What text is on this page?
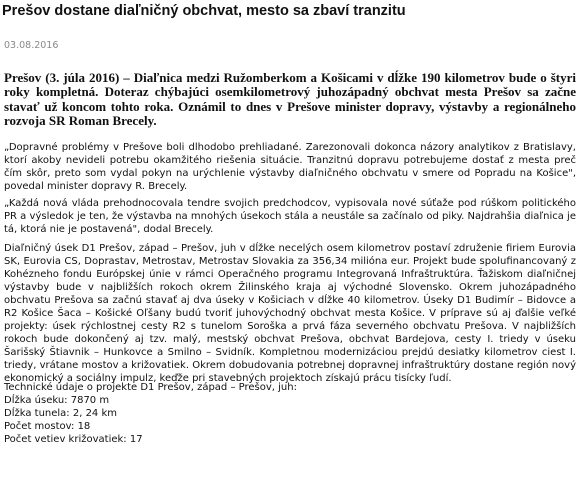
Prešov dostane diaľničný obchvat, mesto sa zbaví tranzitu
03.08.2016

Prešov (3. júla 2016) – Diaľnica medzi Ružomberkom a Košicami v dĺžke 190 kilometrov bude o štyri roky kompletná. Doteraz chýbajúci osemkilometrový juhozápadný obchvat mesta Prešov sa začne stavať už koncom tohto roka. Oznámil to dnes v Prešove minister dopravy, výstavby a regionálneho rozvoja SR Roman Brecely.

„Dopravné problémy v Prešove boli dlhodobo prehliadané. Zarezonovali dokonca názory analytikov z Bratislavy, ktorí akoby nevideli potrebu okamžitého riešenia situácie. Tranzitnú dopravu potrebujeme dostať z mesta preč čím skôr, preto som vydal pokyn na urýchlenie výstavby diaľničného obchvatu v smere od Popradu na Košice", povedal minister dopravy R. Brecely.

„Každá nová vláda prehodnocovala tendre svojich predchodcov, vypisovala nové súťaže pod rúškom politického PR a výsledok je ten, že výstavba na mnohých úsekoch stála a neustále sa začínalo od piky. Najdrahšia diaľnica je tá, ktorá nie je postavená", dodal Brecely.

Diaľničný úsek D1 Prešov, západ – Prešov, juh v dĺžke necelých osem kilometrov postaví združenie firiem Eurovia SK, Eurovia CS, Doprastav, Metrostav, Metrostav Slovakia za 356,34 milióna eur. Projekt bude spolufinancovaný z Kohézneho fondu Európskej únie v rámci Operačného programu Integrovaná Infraštruktúra. Ťažiskom diaľničnej výstavby bude v najbližších rokoch okrem Žilinského kraja aj východné Slovensko. Okrem juhozápadného obchvatu Prešova sa začnú stavať aj dva úseky v Košiciach v dĺžke 40 kilometrov. Úseky D1 Budimír – Bidovce a R2 Košice Šaca – Košické Oľšany budú tvoriť juhovýchodný obchvat mesta Košice. V príprave sú aj ďalšie veľké projekty: úsek rýchlostnej cesty R2 s tunelom Soroška a prvá fáza severného obchvatu Prešova. V najbližších rokoch bude dokončený aj tzv. malý, mestský obchvat Prešova, obchvat Bardejova, cesty I. triedy v úseku Šarišský Štiavnik – Hunkovce a Smilno – Svidník. Kompletnou modernizáciou prejdú desiatky kilometrov ciest I. triedy, vrátane mostov a križovatiek. Okrem dobudovania potrebnej dopravnej infraštruktúry dostane región nový ekonomický a sociálny impulz, keďže pri stavebných projektoch získajú prácu tisícky ľudí.

Technické údaje o projekte D1 Prešov, západ – Prešov, juh:
Dĺžka úseku: 7870 m
Dĺžka tunela: 2, 24 km
Počet mostov: 18
Počet vetiev križovatiek: 17
